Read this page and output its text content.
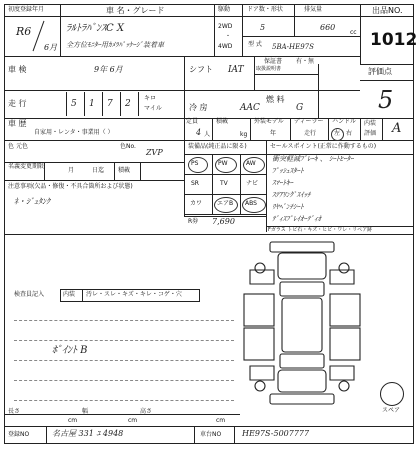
初度登録年月	車 名・グレード	駆動	ドア数・形状	排気量	出品NO.
1012
2WD
・
4WD	型 式
cc
R6
6月
ﾗﾙﾄﾗﾊﾞﾝｽC X
全方位ﾓﾆﾀｰ用ｶﾒﾗﾊﾟｯｹｰｼﾞ装着車
5	660
5BA-HE97S
車 検	9年 6月	シフト IAT
保証書 有・無
取扱説明書	評価点
5
走 行	5 1 7 2
キロ
マイル	冷 房	AAC
燃 料
G
車 歴
自家用・レンタ・事業用（ ）
定員
4 人
積載
kg
外装モデル
年
ディーラー
走行
ハンドル
左・右
内装
評価 A
色 元色	色No.
ZVP
名義変更期限
月	日迄 積載
注意事項(欠品・修復・不具合箇所および状態)
ﾈ・ｼﾞｭﾀﾝｸ
装備品(純正品に限る)
PS	PW	AW
SR	TV	ナビ
カワ エアB ABS
R券 7,690
セールスポイント(正常に作動するもの)
衝突軽減ﾌﾞﾚｰｷ 、 ｼｰﾄﾋｰﾀｰ
ﾌﾟｯｼｭｽﾀｰﾄ
ｽﾏｰﾄｷｰ
ｽﾃｱﾘﾝｸﾞｽｲｯﾁ
ﾘﾔﾍﾞﾝﾁｼｰﾄ
ﾃﾞｨｽﾌﾟﾚｲｵｰﾃﾞｨｵ
Fガラス トビ石・キズ・ヒビ・ワレ・リペア跡
スペア
検査員記入	内装 汚レ・スレ・キズ・キレ・コゲ・穴
ﾎﾟｲﾝﾄ B
長さ
cm
幅
cm
高さ
cm
登録NO	名古屋 331 ﾕ 4948	車台NO	HE97S-5007777
